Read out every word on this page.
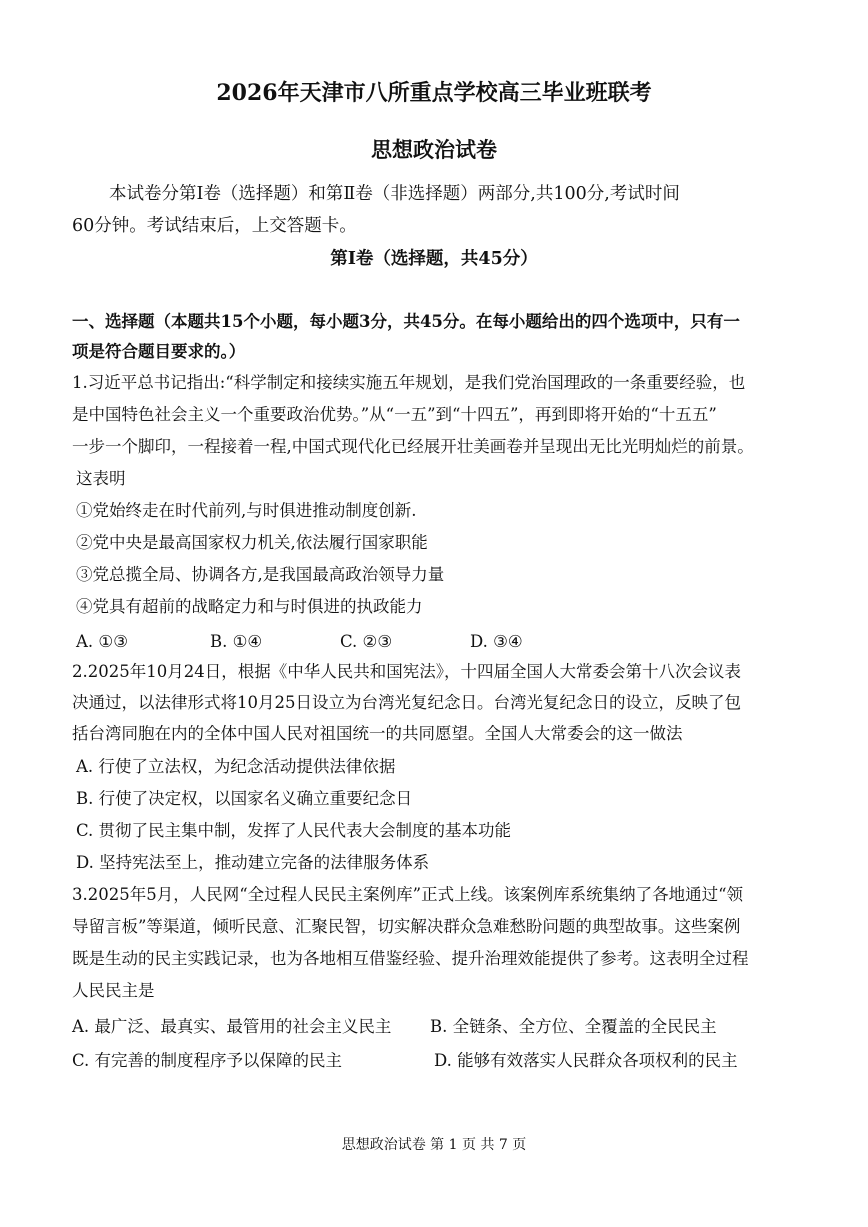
2026年天津市八所重点学校高三毕业班联考
思想政治试卷
本试卷分第Ⅰ卷（选择题）和第Ⅱ卷（非选择题）两部分,共100分,考试时间
60分钟。考试结束后，上交答题卡。
第Ⅰ卷（选择题，共45分）
一、选择题（本题共15个小题，每小题3分，共45分。在每小题给出的四个选项中，只有一
项是符合题目要求的。）
1.习近平总书记指出:“科学制定和接续实施五年规划，是我们党治国理政的一条重要经验，也
是中国特色社会主义一个重要政治优势。”从“一五”到“十四五”，再到即将开始的“十五五”
一步一个脚印，一程接着一程,中国式现代化已经展开壮美画卷并呈现出无比光明灿烂的前景。
这表明
①党始终走在时代前列,与时俱进推动制度创新.
②党中央是最高国家权力机关,依法履行国家职能
③党总揽全局、协调各方,是我国最高政治领导力量
④党具有超前的战略定力和与时俱进的执政能力
A. ①③	B. ①④	C. ②③	D. ③④
2.2025年10月24日，根据《中华人民共和国宪法》，十四届全国人大常委会第十八次会议表
决通过，以法律形式将10月25日设立为台湾光复纪念日。台湾光复纪念日的设立，反映了包
括台湾同胞在内的全体中国人民对祖国统一的共同愿望。全国人大常委会的这一做法
A. 行使了立法权，为纪念活动提供法律依据
B. 行使了决定权，以国家名义确立重要纪念日
C. 贯彻了民主集中制，发挥了人民代表大会制度的基本功能
D. 坚持宪法至上，推动建立完备的法律服务体系
3.2025年5月，人民网“全过程人民民主案例库”正式上线。该案例库系统集纳了各地通过“领
导留言板”等渠道，倾听民意、汇聚民智，切实解决群众急难愁盼问题的典型故事。这些案例
既是生动的民主实践记录，也为各地相互借鉴经验、提升治理效能提供了参考。这表明全过程
人民民主是
A. 最广泛、最真实、最管用的社会主义民主 B. 全链条、全方位、全覆盖的全民民主
C. 有完善的制度程序予以保障的民主	D. 能够有效落实人民群众各项权利的民主
思想政治试卷 第 1 页 共 7 页
